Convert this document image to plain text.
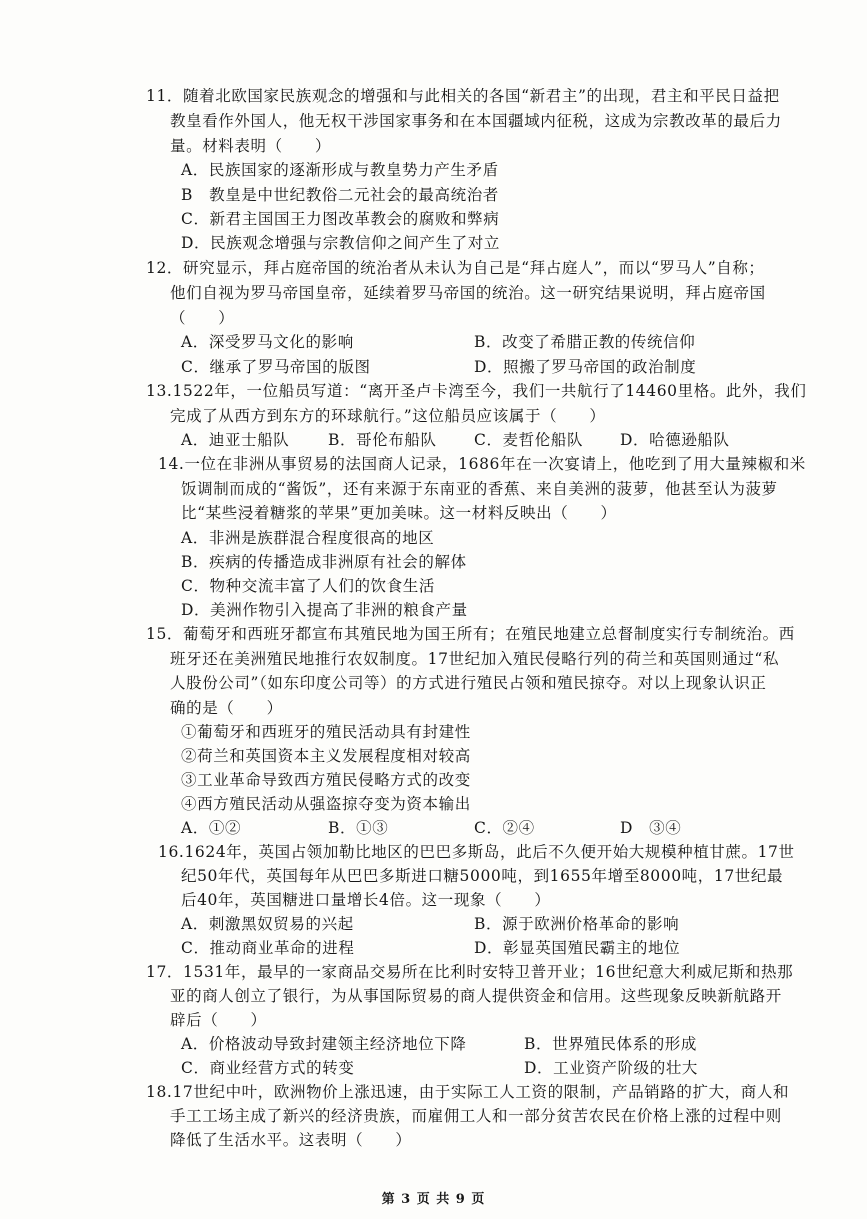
11．随着北欧国家民族观念的增强和与此相关的各国“新君主”的出现，君主和平民日益把
教皇看作外国人，他无权干涉国家事务和在本国疆域内征税，这成为宗教改革的最后力
量。材料表明（　　）
A．民族国家的逐渐形成与教皇势力产生矛盾
B　教皇是中世纪教俗二元社会的最高统治者
C．新君主国国王力图改革教会的腐败和弊病
D．民族观念增强与宗教信仰之间产生了对立
12．研究显示，拜占庭帝国的统治者从未认为自己是“拜占庭人”，而以“罗马人”自称；
他们自视为罗马帝国皇帝，延续着罗马帝国的统治。这一研究结果说明，拜占庭帝国
（　　）
A．深受罗马文化的影响	B．改变了希腊正教的传统信仰
C．继承了罗马帝国的版图	D．照搬了罗马帝国的政治制度
13.1522年，一位船员写道：“离开圣卢卡湾至今，我们一共航行了14460里格。此外，我们
完成了从西方到东方的环球航行。”这位船员应该属于（　　）
A．迪亚士船队 B．哥伦布船队 C．麦哲伦船队 D．哈德逊船队
14.一位在非洲从事贸易的法国商人记录，1686年在一次宴请上，他吃到了用大量辣椒和米
饭调制而成的“酱饭”，还有来源于东南亚的香蕉、来自美洲的菠萝，他甚至认为菠萝
比“某些浸着糖浆的苹果”更加美味。这一材料反映出（　　）
A．非洲是族群混合程度很高的地区
B．疾病的传播造成非洲原有社会的解体
C．物种交流丰富了人们的饮食生活
D．美洲作物引入提高了非洲的粮食产量
15．葡萄牙和西班牙都宣布其殖民地为国王所有；在殖民地建立总督制度实行专制统治。西
班牙还在美洲殖民地推行农奴制度。17世纪加入殖民侵略行列的荷兰和英国则通过“私
人股份公司”（如东印度公司等）的方式进行殖民占领和殖民掠夺。对以上现象认识正
确的是（　　）
①葡萄牙和西班牙的殖民活动具有封建性
②荷兰和英国资本主义发展程度相对较高
③工业革命导致西方殖民侵略方式的改变
④西方殖民活动从强盗掠夺变为资本输出
A．①②	B．①③	C．②④	D　③④
16.1624年，英国占领加勒比地区的巴巴多斯岛，此后不久便开始大规模种植甘蔗。17世
纪50年代，英国每年从巴巴多斯进口糖5000吨，到1655年增至8000吨，17世纪最
后40年，英国糖进口量增长4倍。这一现象（　　）
A．刺激黑奴贸易的兴起	B．源于欧洲价格革命的影响
C．推动商业革命的进程	D．彰显英国殖民霸主的地位
17．1531年，最早的一家商品交易所在比利时安特卫普开业；16世纪意大利威尼斯和热那
亚的商人创立了银行，为从事国际贸易的商人提供资金和信用。这些现象反映新航路开
辟后（　　）
A．价格波动导致封建领主经济地位下降	B．世界殖民体系的形成
C．商业经营方式的转变	D．工业资产阶级的壮大
18.17世纪中叶，欧洲物价上涨迅速，由于实际工人工资的限制，产品销路的扩大，商人和
手工工场主成了新兴的经济贵族，而雇佣工人和一部分贫苦农民在价格上涨的过程中则
降低了生活水平。这表明（　　）
第 3 页 共 9 页
